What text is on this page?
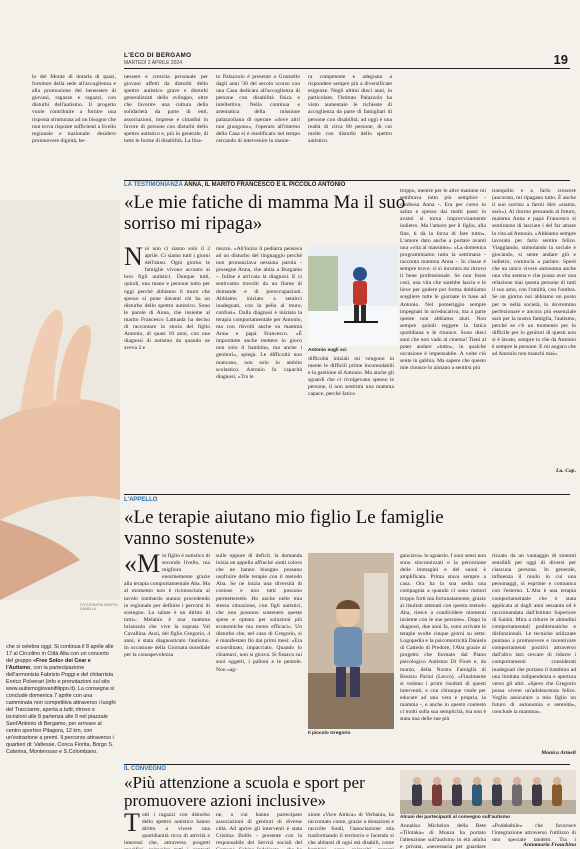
L'ECO DI BERGAMO
MARTEDÌ 2 APRILE 2024	19
lo del Monte di dotarla di spazi, forniture della sede all'accoglienza e alla promozione del benessere di giovani, ragazze e ragazzi, con disturbi dell'autismo. Il progetto vuole contribuire a fornire una risposta strutturata ad un bisogno che non trova risposte sufficienti a livello regionale e nazionale: desidero promuovere dignità, be-
nessere e crescita personale per giovani affetti da disturbi dello spettro autistico grave e disturbi generalizzati dello sviluppo, oltre che favorire una cultura della solidarietà da parte di enti, associazioni, imprese e cittadini in favore di persone con disturbi dello spettro autistico e, più in generale, di tutte le forme di disabilità. La fina-
to Palazzolo è presente a Grumello dagli anni '30 del secolo scorso con una Casa dedicata all'accoglienza di persone con disabilità fisica e intellettiva. Nella continua e artematica della missione palazzoliana di operare «dove altri non giungono», l'operato all'interno della Casa si è modificato nel tempo cercando di intervenire in manie-
ra competente e adeguata a rispondere sempre più a diversificate esigenze. Negli ultimi dieci anni, in particolare, l'Istituto Palazzolo ha visto aumentare le richieste di accoglienza da parte di famigliari di persone con disabilità; ad oggi è una realtà di circa 80 persone, di cui molte con disturbi dello spettro autistico.
LA TESTIMONIANZA ANNA, IL MARITO FRANCESCO E IL PICCOLO ANTONIO
«Le mie fatiche di mamma Ma il suo sorriso mi ripaga»
Noi non ci siamo solo il 2 aprile. Ci siamo tutti i giorni dell'anno. Ogni giorno le famiglie vivono accanto ai loro figli autistici. Dunque tutti, quindi, una mano e persone tutto per oggi perché abbiamo il muro che spesso si pone davanti chi ha un disturbo dello spettro autistico. Sono le parole di Anna, che insieme al marito Francesco Lattuada ha deciso di raccontare la storia del figlio Antonio, di quasi 10 anni, con una diagnosi di autismo da quando ne aveva 2 e
mezzo. «All'inizio il pediatra pensava ad un disturbo del linguaggio perché non pronunciava nessuna parola - prosegue Anna, che abita a Borgamo -. Infine è arrivata la diagnosi. E ci sentivamo travolti da un fiume di domande e di preoccupazioni. Abbiamo iniziato a sentirci inadeguati, con la pella al muro, confusi». Dalla diagnosi è iniziata la terapia comportamentale per Antonio, ma con risvolti anche su mamma Anna e papà Francesco. «È importante anche mettere in gioco non solo il bambino, ma anche i genitori», spiega. Le difficoltà non mancano, non solo in ambito scolastico. Antonio fa capacità diagnosi, «Tra le
Antonio sugli sci
difficoltà iniziali mi vengono in mente le difficili prime incomodabili e la gestione di Antonio. Ma anche gli sguardi che ci rivolgevano spesso le persone, il non sentirmi una mamma capace, perché fatico
troppo, mentre per le altre mamme mi sembrava tutto più semplice - confessa Anna -. Era per corso in salita e spesso dai molti passi in avanti si torna improvvisamente indietro. Ma l'amore per il figlio, alla fine, ti dà la forza di fare tutto». L'amore dato anche a portare avanti una «vita al massimo». «La domenica programmiamo tutta la settimana - racconta mamma Anna -. In classe è sempre trovo: ci si incontra mi ritrovo il bene professionale. Se non fosse così, una vita che sarebbe lascia e le lieve per godere per forma dobbiamo scegliere tutte le giornate in base ad Antonio. Nel pomeriggio sempre impegnati in un'educativa, ma a parte queste non abbiamo aiuti. Non sempre quindi reggere la fatica quotidiana e le rinunce. Sono dieci anni che non vado al cinema! Tieni al poter andare «tutto», in qualche occasione è impensabile. A volte ciò sente in gabbia. Ma sapere che questo mie rinunce lo aiutano a sentirsi più
tranquillo e a farlo crescere (ancorato, mi ripagano tutto. È anche il suo sorriso a farmi dire «siamo, sarò»). Al ritorno pensando al futuro, mamma Anna e papà Francesco si sentiranno di lasciare i del far amare la vita ad Antonio. «Abbiamo sempre lavorato per farlo sentire felice. Viaggiando, stimolando la sociale e giocando, si sente andare giù e indietro, comincia a parlare. Sperò che un unico vivere autonoma anche una vita serena e che possa aver una relazione mai questa persone di tutti il suo amo, con l'umiltà, con l'ombra. Se un giorno noi abbiamo un posto per te nella società, lo dovremmo perfezionare e ancora più essenziale sarà per la nostra famiglia, l'autismo, perché se c'è un momento per lo difficile per lo genitori di questi non si è lavato, sempre io che da Antonio è sempre la persone. E mi auguro che ad Antonio non manchi mai».
Lu. Cap.
L'APPELLO
«Le terapie aiutano mio figlio Le famiglie vanno sostenute»
«Mio figlio è autistico di secondo livello, ma migliora enormemente grazie alla terapia comportamentale Aba. Ma al momento non è riconosciuta ai tavolo lombardo stanno procedendo in regionale per definire i percorsi di sostegno. La salute è un diritto di tutti». Melania è una mamma brianzola che vive la soprata Val Cavallina. Anzi, del figlio Gregorio, 4 anni, è stata diagnosticato l'autismo. In occasione della Giornata mondiale per la consapevolezza
sulle oppure di deficit, la domanda inizia un appello affinché «tutti coloro che ne hanno bisogno possano usufruire delle terapie con il metodo Aba. Se ne inizia una diversità di costose e non tutti possono permettersele. Ho anche nelle mia stessa situazione, con figli autistici, che non possono sostenere queste spese e optano per soluzioni più economiche ma meno efficaci». Un disturbo che, nel caso di Gregorio, si è manifestato fin dai primi mesi: «Era scoordinato, impacciato. Quando lo chiamavi, non si girava. Si fissava sui suoi oggetti, i palloni e le pentole. Non «ag-
Il piccolo Gregorio
FOTOGRAFIA MARTIN DANELLA
ganciava» lo sguardo. I suoi sensi non sono sincronizzati e la percezione delle immagini e dei suoni è amplificata. Prima stava sempre a casa. Ora ha la sua sedia una compagnia a quando ci sono rumori troppo forti ma fortunatamente, grazie ai risultati ottenuti con questo metodo Aba, riesce a condividere momenti insieme con le sue persone». Dopo la diagnosi, due anni fa, sono arrivate le terapie svolte cinque giorni su sette. Logopedia e la psicomotricità Daniela di Cattedo di Predore, l'Aba grazie al progetto che formato dal Piano psicologico Autismo Di Fiore e, da marzo, della Nostra Famiglia di Bosisio Parini (Lecco). «Finalmente si vedono i primi risultati di questi interventi, e con chiunque vuole per educare ad una vera e propria, la mamma -, e anche in questo contesto ci molti sulla sua semplicità, ma non è stata una delle sue più
rizzato da un vantaggio di sintomi sensibili per oggi di diversi per ciascuna persona. In generale, influenza il modo in cui una personaggi, si esprime e comunica con l'esterno. L'Aba è una terapia comportamentale che è stata applicata ai dagli anni sessanta ed è raccomandata dall'Istituto Superiore di Sanità. Mira a ridurre le abitudini comportamentali problematiche e disfunzionali. Le tecniche utilizzate puntano a promuovere e incentivare comportamenti positivi attraverso dall'altro lato cercare di ridurre i comportamenti considerati inadeguati che portano il bambino ad una limitata indipendenza e apertura verso gli altri. «Spero che Gregorio possa vivere un'adolescenza felice. Voglio assicurare a mio figlio un futuro di autonomia e serenità», conclude la mamma».
Monica Armeli
che si celebra oggi. Si continua il 8 aprile alle 17 al Circolino in Città Alta con un concerto del gruppo «Free Solo» dei Cear e l'Autismo, con la partecipazione dell'armonista Fabrizio Poggi e del chitarrista Enrico Polverari (info e prenotazioni sul sito www.autismogiovanifilippo.it). La consegna si conclude domenica 7 aprile con una camminata non competitiva attraverso i luoghi del Tracciamo, aperta a tutti; ritrovo e iscrizioni alle 8 partenza alle 9 nel piazzale Sant'Antonio di Bergamo, per arrivare al centro sportivo Pitagora, 12 km, con un'estrazione a premi. Il percorso attraverso i quartieri di: Valtesse, Conca Fiorita, Borgo S. Caterina, Monterosso e S.Colombano.
IL CONVEGNO
«Più attenzione a scuola e sport per promuovere azioni inclusive»
Tutti i ragazzi con disturbo dello spettro autistico hanno diritto a vivere una quotidianità ricca di attività e interessi che, attraverso progetti
ne, a cui hanno partecipato associazioni di genitori di diverse città. Ad aprire gli interventi è stata Cristina Bollis - presente con la responsabile dei Servizi sociali del
zione «Voce Amica» di Verbania, ha raccontato come, grazie a donazioni e raccolte fondi, l'associazione stia trasformando il territorio e facendo sì che abitanti di ogni età disabili, come
Alcuni dei partecipanti al convegno sull'autismo
Annalisa Michelon della Rete «Tilotaka» di Monza ha portato l'attenzione sull'autismo in età adulta e privata, «necessaria per guardare
«Podababile» che favorisce l'integrazione attraverso l'utilizzo di uno speciale tandem. Tra i
Annamaria Frauchina
